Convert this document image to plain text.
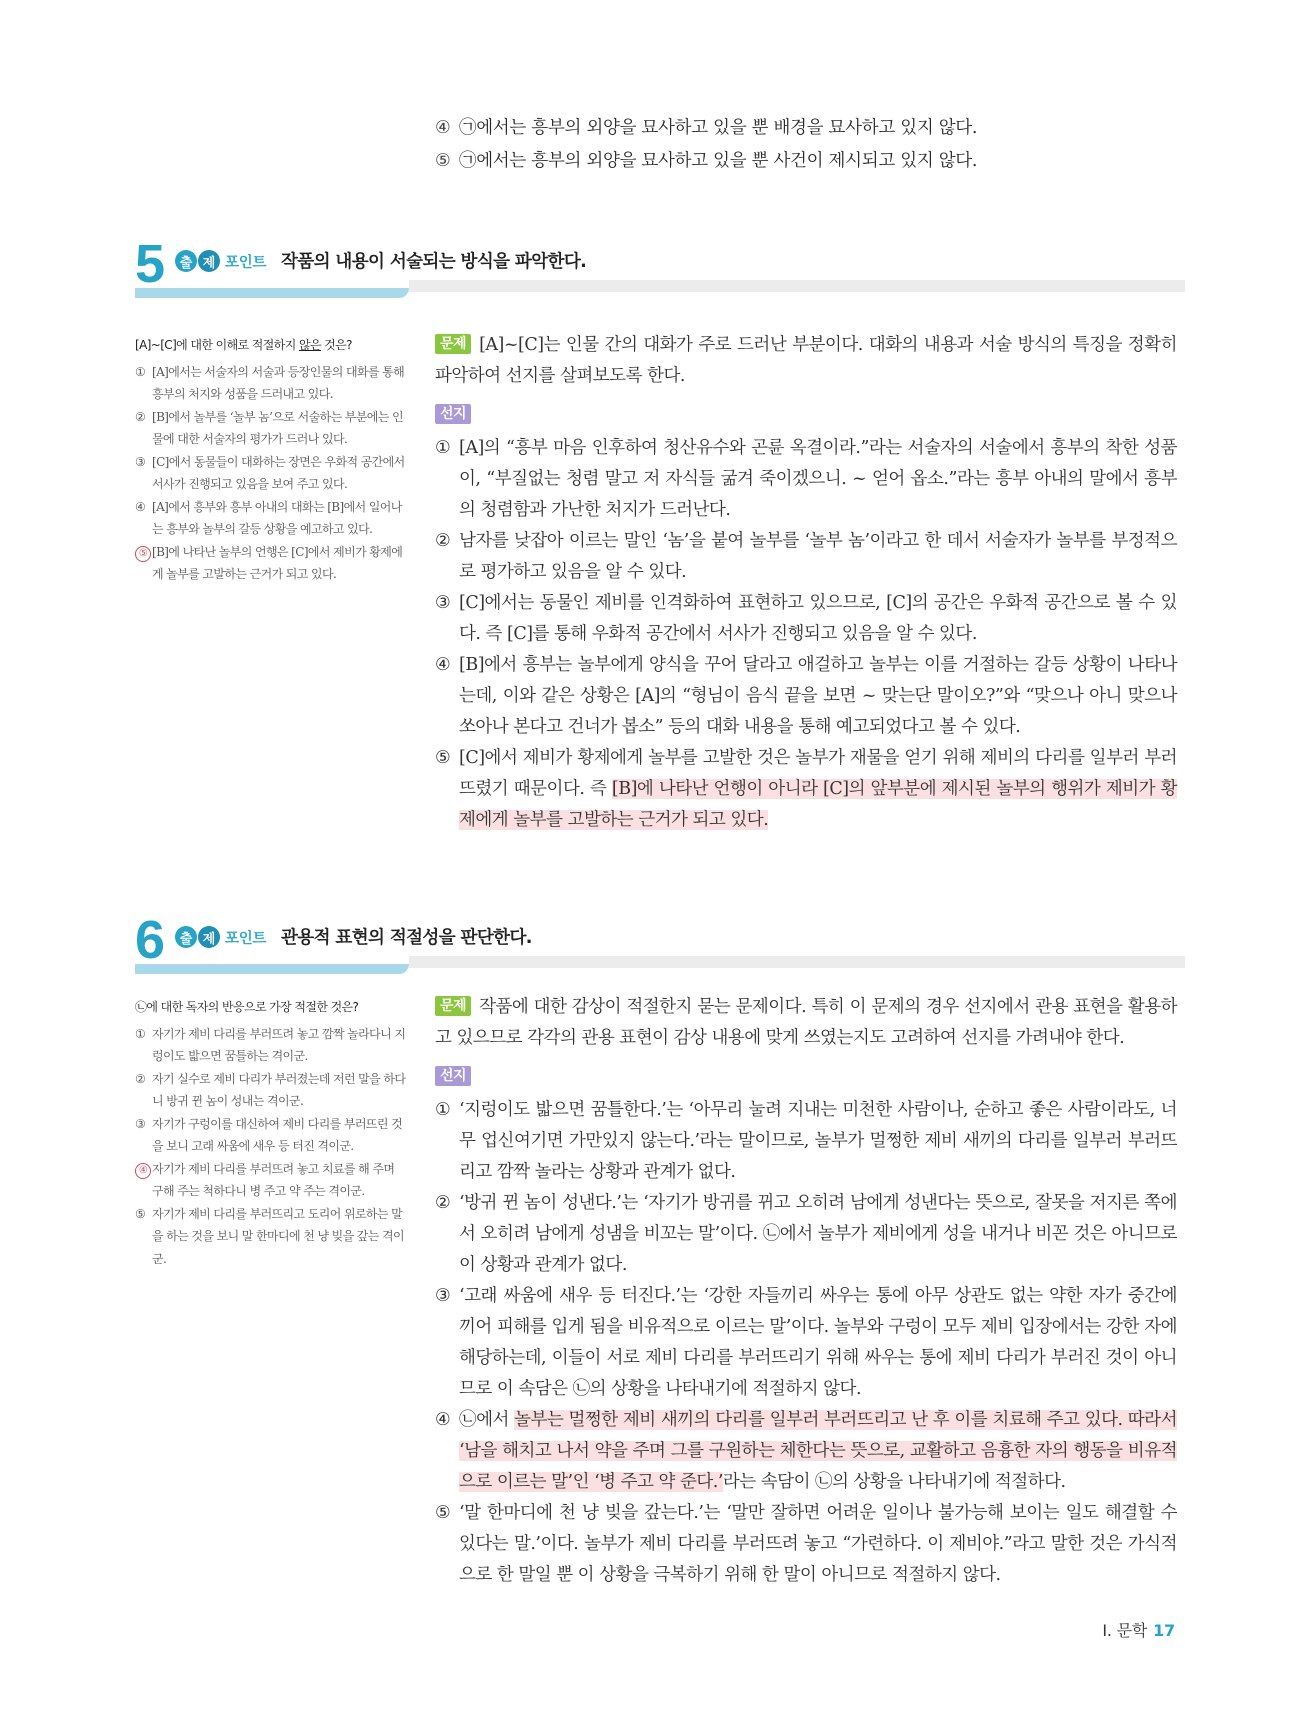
④ ㉠에서는 흥부의 외양을 묘사하고 있을 뿐 배경을 묘사하고 있지 않다.
⑤ ㉠에서는 흥부의 외양을 묘사하고 있을 뿐 사건이 제시되고 있지 않다.
5	출 제 포인트 작품의 내용이 서술되는 방식을 파악한다.
[A]~[C]에 대한 이해로 적절하지 않은 것은?
① [A]에서는 서술자의 서술과 등장인물의 대화를 통해 흥부의 처지와 성품을 드러내고 있다.
② [B]에서 놀부를 ‘놀부 놈’으로 서술하는 부분에는 인물에 대한 서술자의 평가가 드러나 있다.
③ [C]에서 동물들이 대화하는 장면은 우화적 공간에서 서사가 진행되고 있음을 보여 주고 있다.
④ [A]에서 흥부와 흥부 아내의 대화는 [B]에서 일어나는 흥부와 놀부의 갈등 상황을 예고하고 있다.
⑤ [B]에 나타난 놀부의 언행은 [C]에서 제비가 황제에게 놀부를 고발하는 근거가 되고 있다.
문제 [A]~[C]는 인물 간의 대화가 주로 드러난 부분이다. 대화의 내용과 서술 방식의 특징을 정확히 파악하여 선지를 살펴보도록 한다.
선지
① [A]의 “흥부 마음 인후하여 청산유수와 곤륜 옥결이라.”라는 서술자의 서술에서 흥부의 착한 성품이, “부질없는 청렴 말고 저 자식들 굶겨 죽이겠으니. ~ 얻어 옵소.”라는 흥부 아내의 말에서 흥부의 청렴함과 가난한 처지가 드러난다.
② 남자를 낮잡아 이르는 말인 ‘놈’을 붙여 놀부를 ‘놀부 놈’이라고 한 데서 서술자가 놀부를 부정적으로 평가하고 있음을 알 수 있다.
③ [C]에서는 동물인 제비를 인격화하여 표현하고 있으므로, [C]의 공간은 우화적 공간으로 볼 수 있다. 즉 [C]를 통해 우화적 공간에서 서사가 진행되고 있음을 알 수 있다.
④ [B]에서 흥부는 놀부에게 양식을 꾸어 달라고 애걸하고 놀부는 이를 거절하는 갈등 상황이 나타나는데, 이와 같은 상황은 [A]의 “형님이 음식 끝을 보면 ~ 맞는단 말이오?”와 “맞으나 아니 맞으나 쏘아나 본다고 건너가 봅소” 등의 대화 내용을 통해 예고되었다고 볼 수 있다.
⑤ [C]에서 제비가 황제에게 놀부를 고발한 것은 놀부가 재물을 얻기 위해 제비의 다리를 일부러 부러뜨렸기 때문이다. 즉 [B]에 나타난 언행이 아니라 [C]의 앞부분에 제시된 놀부의 행위가 제비가 황제에게 놀부를 고발하는 근거가 되고 있다.
6	출 제 포인트 관용적 표현의 적절성을 판단한다.
㉡에 대한 독자의 반응으로 가장 적절한 것은?
① 자기가 제비 다리를 부러뜨려 놓고 깜짝 놀라다니 지렁이도 밟으면 꿈틀하는 격이군.
② 자기 실수로 제비 다리가 부러졌는데 저런 말을 하다니 방귀 뀐 놈이 성내는 격이군.
③ 자기가 구렁이를 대신하여 제비 다리를 부러뜨린 것을 보니 고래 싸움에 새우 등 터진 격이군.
④ 자기가 제비 다리를 부러뜨려 놓고 치료를 해 주며 구해 주는 척하다니 병 주고 약 주는 격이군.
⑤ 자기가 제비 다리를 부러뜨리고 도리어 위로하는 말을 하는 것을 보니 말 한마디에 천 냥 빚을 갚는 격이군.
문제 작품에 대한 감상이 적절한지 묻는 문제이다. 특히 이 문제의 경우 선지에서 관용 표현을 활용하고 있으므로 각각의 관용 표현이 감상 내용에 맞게 쓰였는지도 고려하여 선지를 가려내야 한다.
선지
① ‘지렁이도 밟으면 꿈틀한다.’는 ‘아무리 눌려 지내는 미천한 사람이나, 순하고 좋은 사람이라도, 너무 업신여기면 가만있지 않는다.’라는 말이므로, 놀부가 멀쩡한 제비 새끼의 다리를 일부러 부러뜨리고 깜짝 놀라는 상황과 관계가 없다.
② ‘방귀 뀐 놈이 성낸다.’는 ‘자기가 방귀를 뀌고 오히려 남에게 성낸다는 뜻으로, 잘못을 저지른 쪽에서 오히려 남에게 성냄을 비꼬는 말’이다. ㉡에서 놀부가 제비에게 성을 내거나 비꼰 것은 아니므로 이 상황과 관계가 없다.
③ ‘고래 싸움에 새우 등 터진다.’는 ‘강한 자들끼리 싸우는 통에 아무 상관도 없는 약한 자가 중간에 끼어 피해를 입게 됨을 비유적으로 이르는 말’이다. 놀부와 구렁이 모두 제비 입장에서는 강한 자에 해당하는데, 이들이 서로 제비 다리를 부러뜨리기 위해 싸우는 통에 제비 다리가 부러진 것이 아니므로 이 속담은 ㉡의 상황을 나타내기에 적절하지 않다.
④ ㉡에서 놀부는 멀쩡한 제비 새끼의 다리를 일부러 부러뜨리고 난 후 이를 치료해 주고 있다. 따라서 ‘남을 해치고 나서 약을 주며 그를 구원하는 체한다는 뜻으로, 교활하고 음흉한 자의 행동을 비유적으로 이르는 말’인 ‘병 주고 약 준다.’라는 속담이 ㉡의 상황을 나타내기에 적절하다.
⑤ ‘말 한마디에 천 냥 빚을 갚는다.’는 ‘말만 잘하면 어려운 일이나 불가능해 보이는 일도 해결할 수 있다는 말.’이다. 놀부가 제비 다리를 부러뜨려 놓고 “가련하다. 이 제비야.”라고 말한 것은 가식적으로 한 말일 뿐 이 상황을 극복하기 위해 한 말이 아니므로 적절하지 않다.
Ⅰ. 문학 17
